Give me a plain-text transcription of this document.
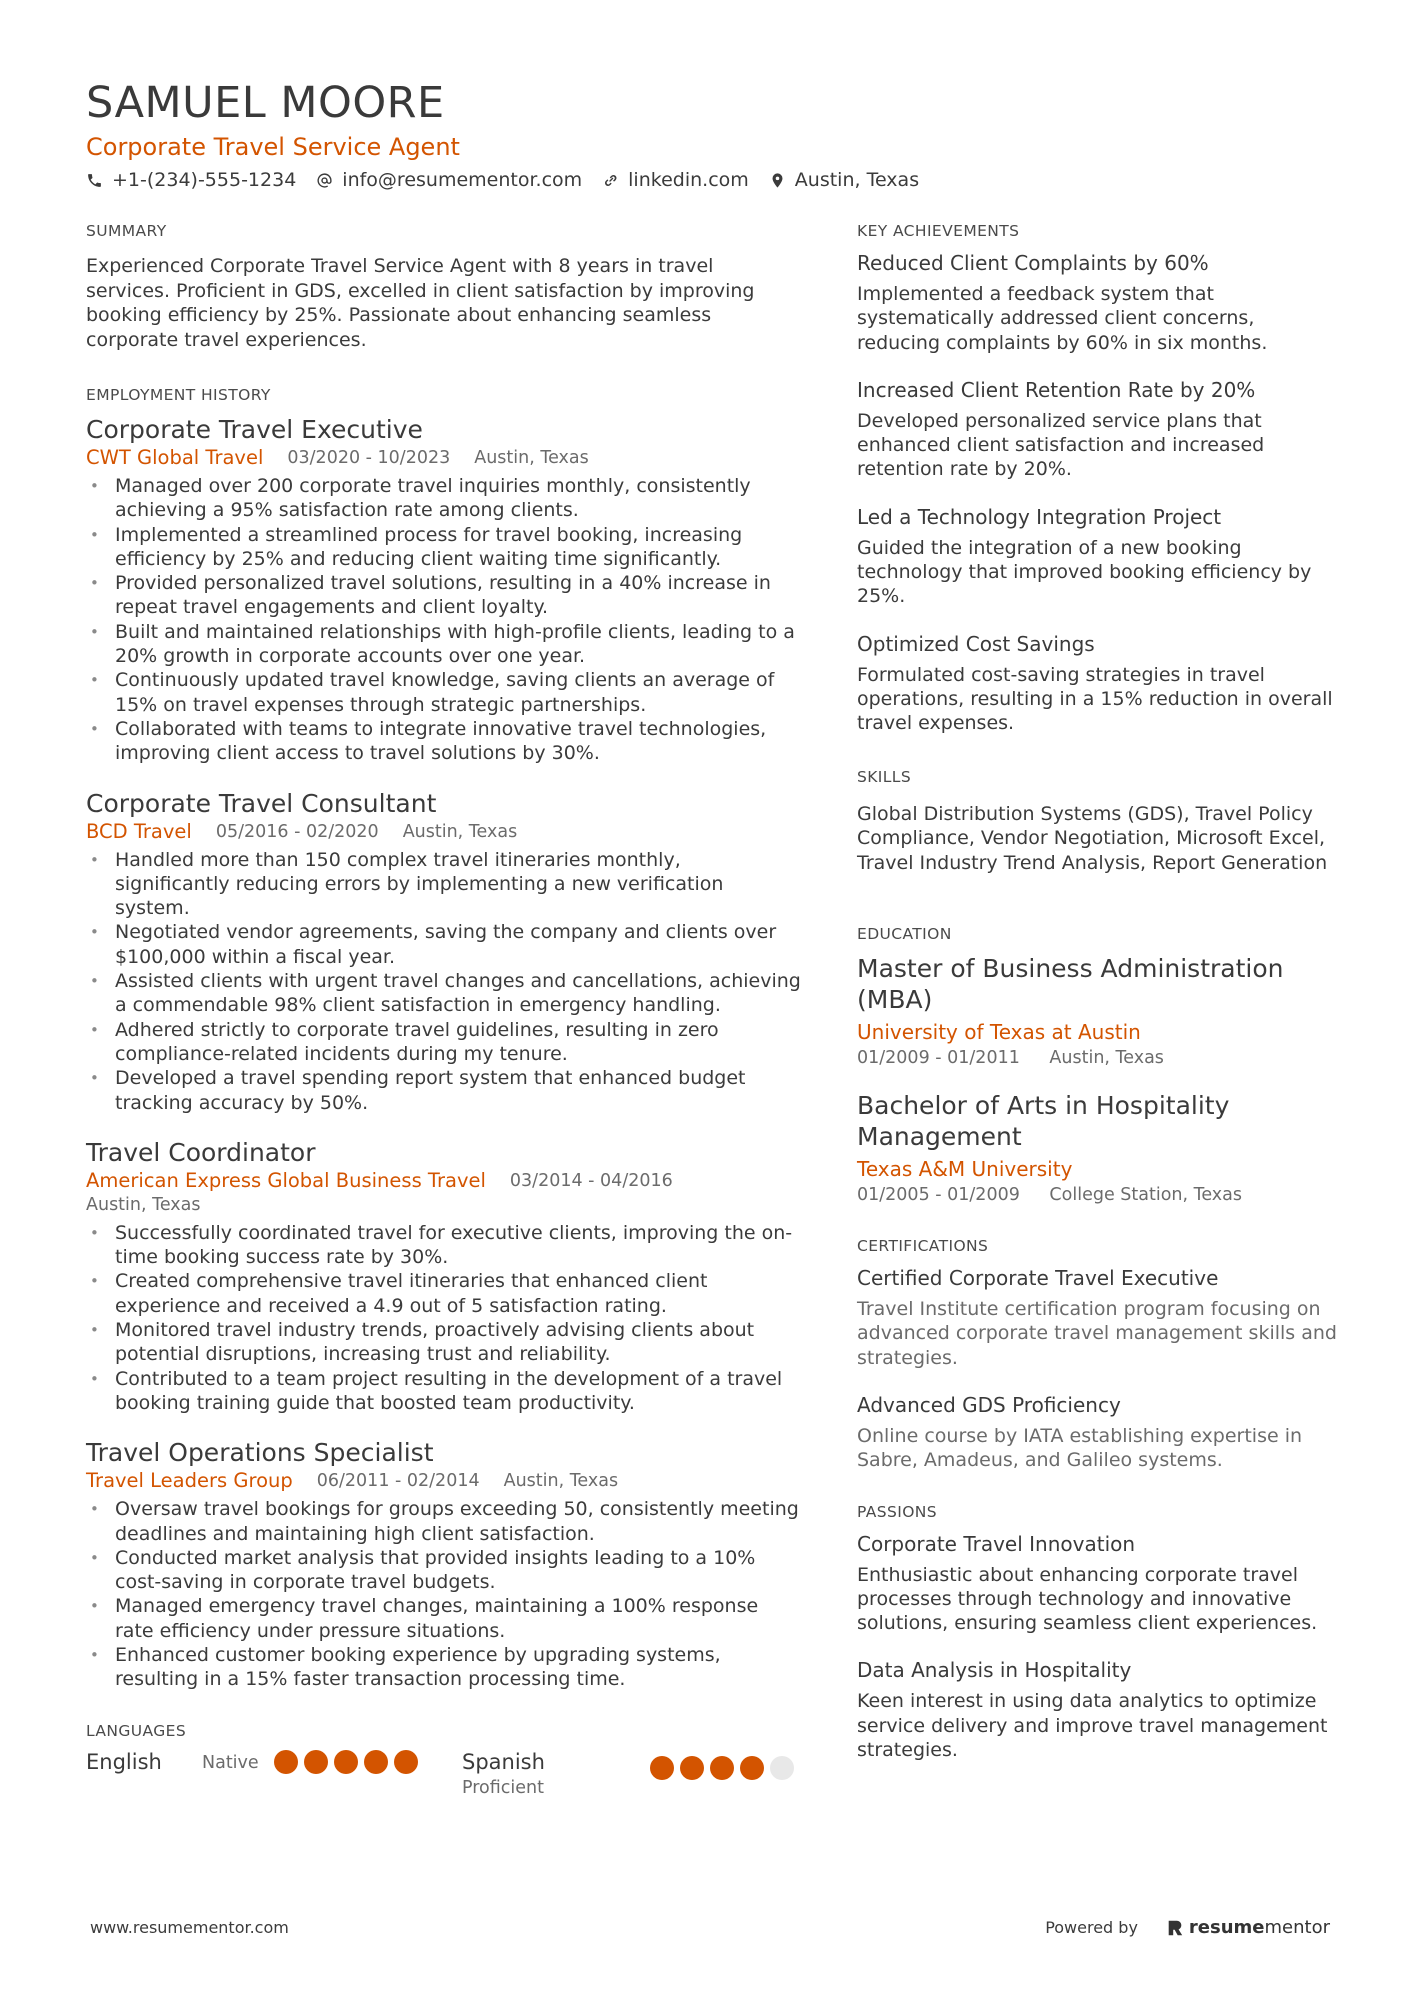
SAMUEL MOORE
Corporate Travel Service Agent
+1-(234)-555-1234 info@resumementor.com linkedin.com Austin, Texas
SUMMARY
Experienced Corporate Travel Service Agent with 8 years in travel services. Proficient in GDS, excelled in client satisfaction by improving booking efficiency by 25%. Passionate about enhancing seamless corporate travel experiences.
EMPLOYMENT HISTORY
Corporate Travel Executive
CWT Global Travel 03/2020 - 10/2023 Austin, Texas
• Managed over 200 corporate travel inquiries monthly, consistently achieving a 95% satisfaction rate among clients.
• Implemented a streamlined process for travel booking, increasing efficiency by 25% and reducing client waiting time significantly.
• Provided personalized travel solutions, resulting in a 40% increase in repeat travel engagements and client loyalty.
• Built and maintained relationships with high-profile clients, leading to a 20% growth in corporate accounts over one year.
• Continuously updated travel knowledge, saving clients an average of 15% on travel expenses through strategic partnerships.
• Collaborated with teams to integrate innovative travel technologies, improving client access to travel solutions by 30%.
Corporate Travel Consultant
BCD Travel 05/2016 - 02/2020 Austin, Texas
• Handled more than 150 complex travel itineraries monthly, significantly reducing errors by implementing a new verification system.
• Negotiated vendor agreements, saving the company and clients over $100,000 within a fiscal year.
• Assisted clients with urgent travel changes and cancellations, achieving a commendable 98% client satisfaction in emergency handling.
• Adhered strictly to corporate travel guidelines, resulting in zero compliance-related incidents during my tenure.
• Developed a travel spending report system that enhanced budget tracking accuracy by 50%.
Travel Coordinator
American Express Global Business Travel 03/2014 - 04/2016
Austin, Texas
• Successfully coordinated travel for executive clients, improving the on-time booking success rate by 30%.
• Created comprehensive travel itineraries that enhanced client experience and received a 4.9 out of 5 satisfaction rating.
• Monitored travel industry trends, proactively advising clients about potential disruptions, increasing trust and reliability.
• Contributed to a team project resulting in the development of a travel booking training guide that boosted team productivity.
Travel Operations Specialist
Travel Leaders Group 06/2011 - 02/2014 Austin, Texas
• Oversaw travel bookings for groups exceeding 50, consistently meeting deadlines and maintaining high client satisfaction.
• Conducted market analysis that provided insights leading to a 10% cost-saving in corporate travel budgets.
• Managed emergency travel changes, maintaining a 100% response rate efficiency under pressure situations.
• Enhanced customer booking experience by upgrading systems, resulting in a 15% faster transaction processing time.
LANGUAGES
English	Native	Spanish
Proficient
KEY ACHIEVEMENTS
Reduced Client Complaints by 60%
Implemented a feedback system that systematically addressed client concerns, reducing complaints by 60% in six months.
Increased Client Retention Rate by 20%
Developed personalized service plans that enhanced client satisfaction and increased retention rate by 20%.
Led a Technology Integration Project
Guided the integration of a new booking technology that improved booking efficiency by 25%.
Optimized Cost Savings
Formulated cost-saving strategies in travel operations, resulting in a 15% reduction in overall travel expenses.
SKILLS
Global Distribution Systems (GDS), Travel Policy Compliance, Vendor Negotiation, Microsoft Excel, Travel Industry Trend Analysis, Report Generation
EDUCATION
Master of Business Administration (MBA)
University of Texas at Austin
01/2009 - 01/2011 Austin, Texas
Bachelor of Arts in Hospitality Management
Texas A&M University
01/2005 - 01/2009 College Station, Texas
CERTIFICATIONS
Certified Corporate Travel Executive
Travel Institute certification program focusing on advanced corporate travel management skills and strategies.
Advanced GDS Proficiency
Online course by IATA establishing expertise in Sabre, Amadeus, and Galileo systems.
PASSIONS
Corporate Travel Innovation
Enthusiastic about enhancing corporate travel processes through technology and innovative solutions, ensuring seamless client experiences.
Data Analysis in Hospitality
Keen interest in using data analytics to optimize service delivery and improve travel management strategies.
www.resumementor.com	Powered by	resume mentor
